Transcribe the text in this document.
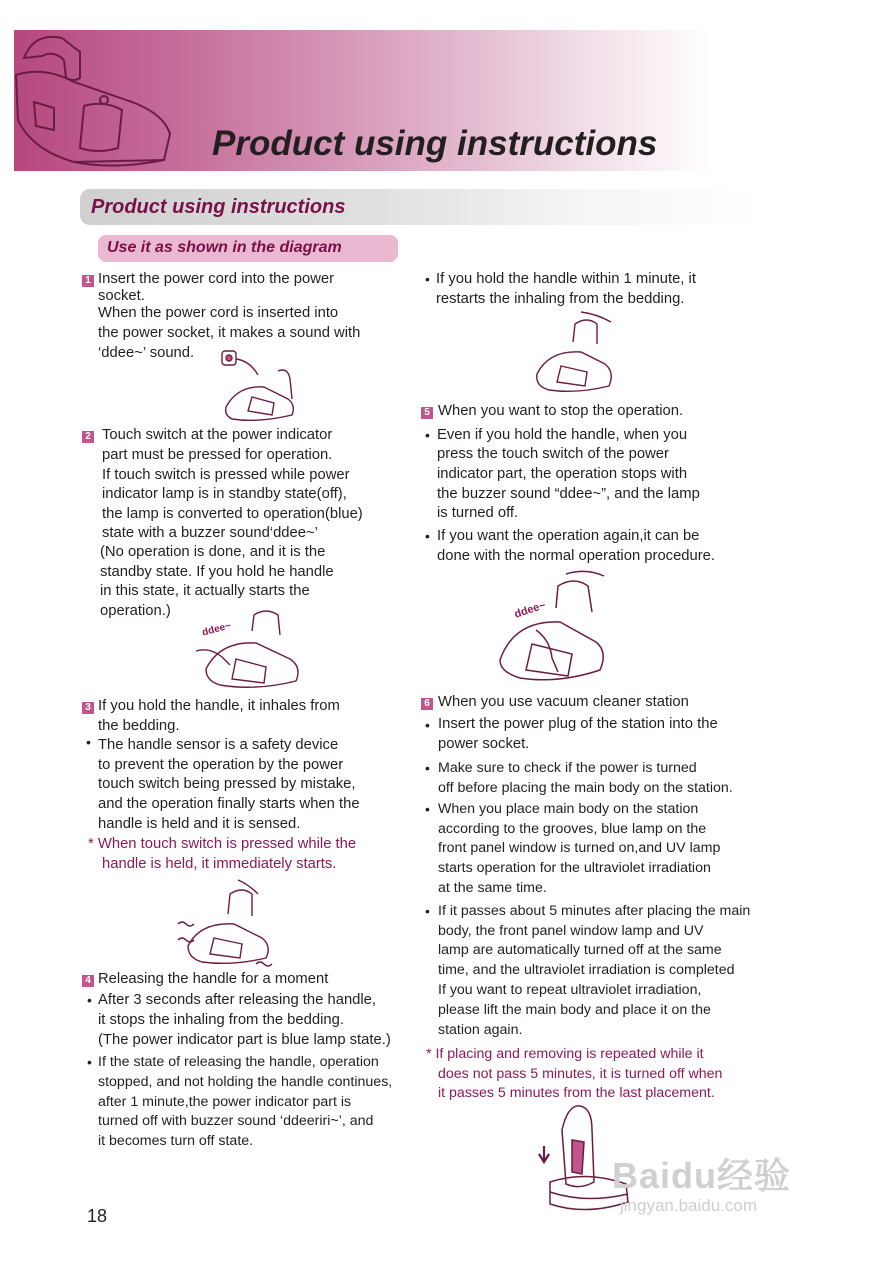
Product using instructions
Product using instructions
Use it as shown in the diagram
1 Insert the power cord into the power
socket.
When the power cord is inserted into
the power socket, it makes a sound with
‘ddee~’ sound.
2 Touch switch at the power indicator
part must be pressed for operation.
If touch switch is pressed while power
indicator lamp is in standby state(off),
the lamp is converted to operation(blue)
state with a buzzer sound‘ddee~’
(No operation is done, and it is the
standby state. If you hold he handle
in this state, it actually starts the
operation.)
ddee~
3 If you hold the handle, it inhales from
the bedding.
• The handle sensor is a safety device
to prevent the operation by the power
touch switch being pressed by mistake,
and the operation finally starts when the
handle is held and it is sensed.
* When touch switch is pressed while the
handle is held, it immediately starts.
4 Releasing the handle for a moment
• After 3 seconds after releasing the handle,
it stops the inhaling from the bedding.
(The power indicator part is blue lamp state.)
• If the state of releasing the handle, operation
stopped, and not holding the handle continues,
after 1 minute,the power indicator part is
turned off with buzzer sound ‘ddeeriri~’, and
it becomes turn off state.
• If you hold the handle within 1 minute, it
restarts the inhaling from the bedding.
5 When you want to stop the operation.
• Even if you hold the handle, when you
press the touch switch of the power
indicator part, the operation stops with
the buzzer sound “ddee~”, and the lamp
is turned off.
• If you want the operation again,it can be
done with the normal operation procedure.
ddee~
6 When you use vacuum cleaner station
• Insert the power plug of the station into the
power socket.
• Make sure to check if the power is turned
off before placing the main body on the station.
• When you place main body on the station
according to the grooves, blue lamp on the
front panel window is turned on,and UV lamp
starts operation for the ultraviolet irradiation
at the same time.
• If it passes about 5 minutes after placing the main
body, the front panel window lamp and UV
lamp are automatically turned off at the same
time, and the ultraviolet irradiation is completed
If you want to repeat ultraviolet irradiation,
please lift the main body and place it on the
station again.
* If placing and removing is repeated while it
does not pass 5 minutes, it is turned off when
it passes 5 minutes from the last placement.
18
Baidu经验
jingyan.baidu.com
